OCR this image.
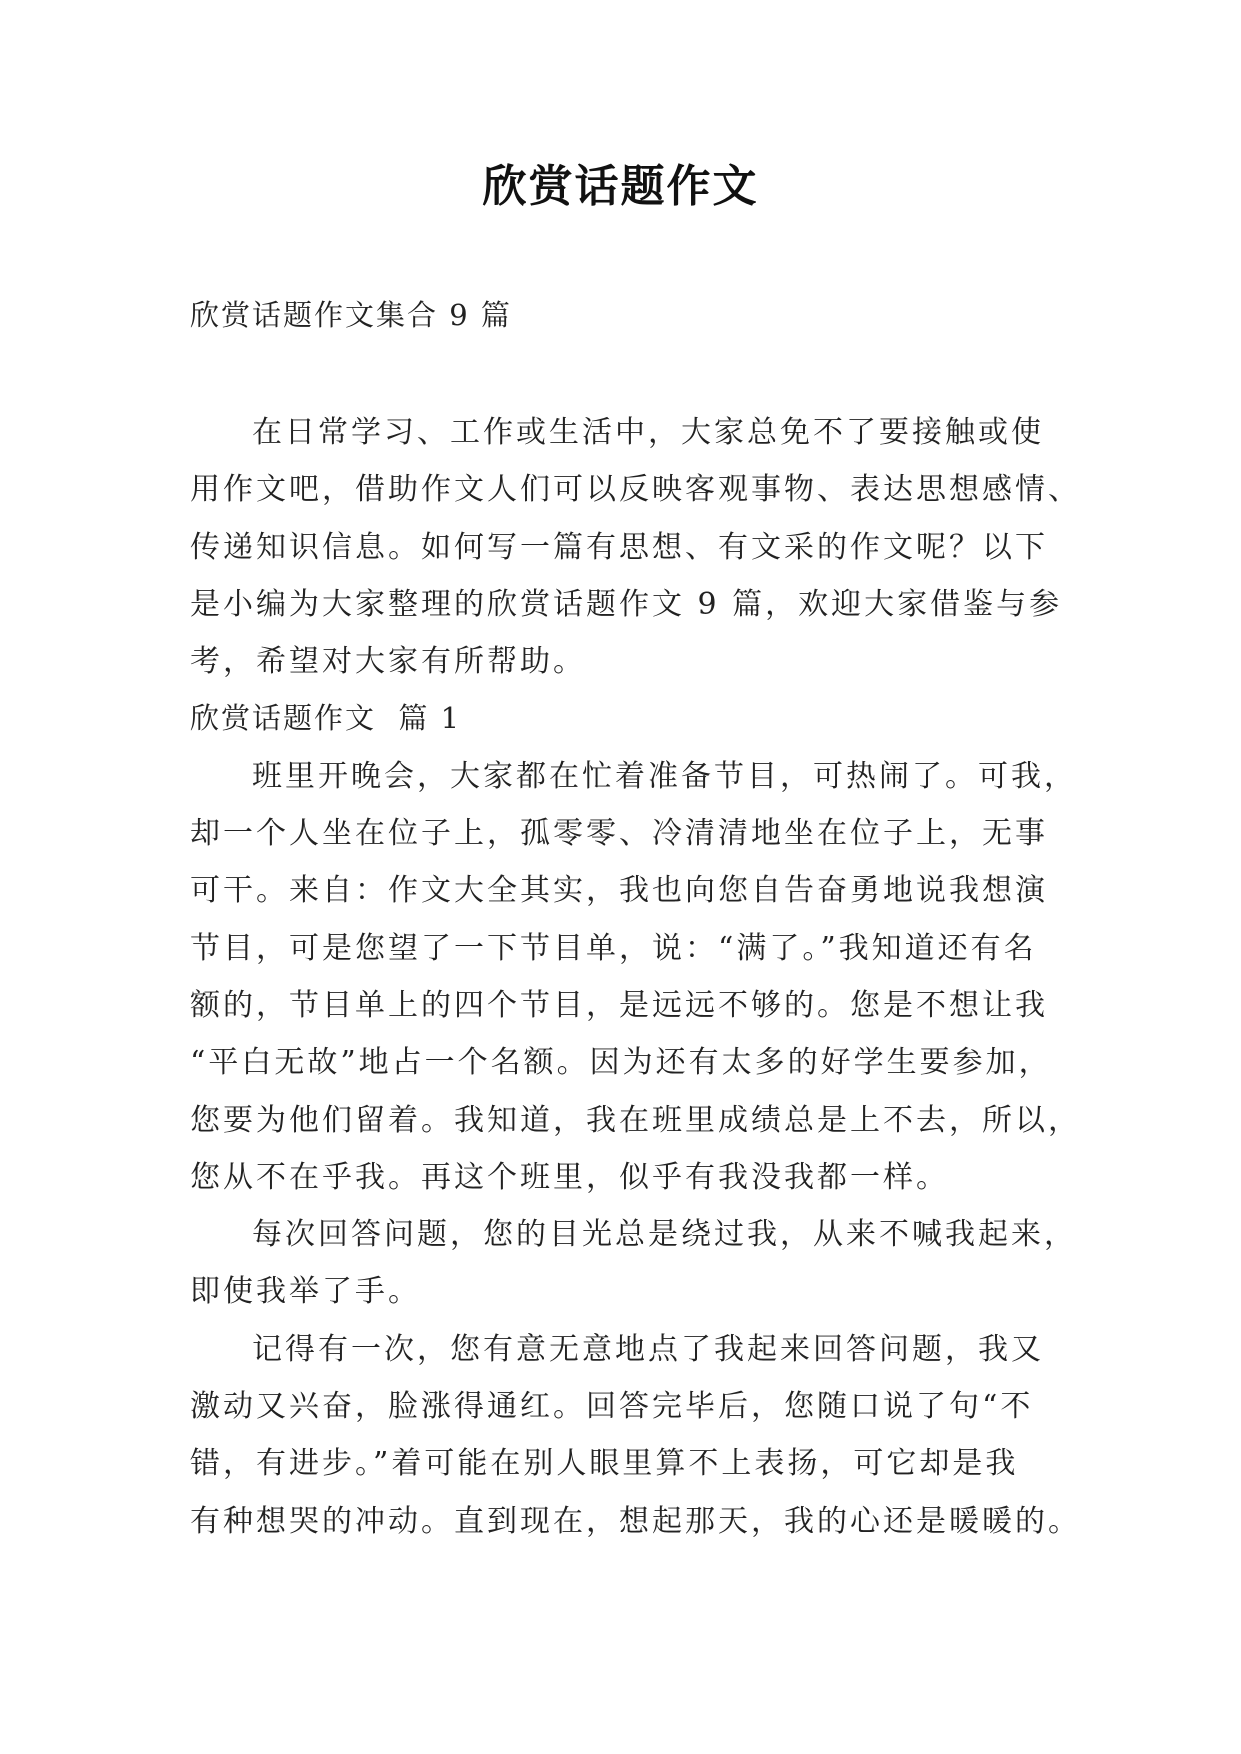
欣赏话题作文

欣赏话题作文集合 9 篇

在日常学习、工作或生活中，大家总免不了要接触或使

用作文吧，借助作文人们可以反映客观事物、表达思想感情、

传递知识信息。如何写一篇有思想、有文采的作文呢？以下

是小编为大家整理的欣赏话题作文 9 篇，欢迎大家借鉴与参

考，希望对大家有所帮助。

欣赏话题作文  篇 1

班里开晚会，大家都在忙着准备节目，可热闹了。可我，

却一个人坐在位子上，孤零零、冷清清地坐在位子上，无事

可干。来自：作文大全其实，我也向您自告奋勇地说我想演

节目，可是您望了一下节目单，说：“满了。”我知道还有名

额的，节目单上的四个节目，是远远不够的。您是不想让我

“平白无故”地占一个名额。因为还有太多的好学生要参加，

您要为他们留着。我知道，我在班里成绩总是上不去，所以，

您从不在乎我。再这个班里，似乎有我没我都一样。

每次回答问题，您的目光总是绕过我，从来不喊我起来，

即使我举了手。

记得有一次，您有意无意地点了我起来回答问题，我又

激动又兴奋，脸涨得通红。回答完毕后，您随口说了句“不

错，有进步。”着可能在别人眼里算不上表扬，可它却是我

有种想哭的冲动。直到现在，想起那天，我的心还是暖暖的。
